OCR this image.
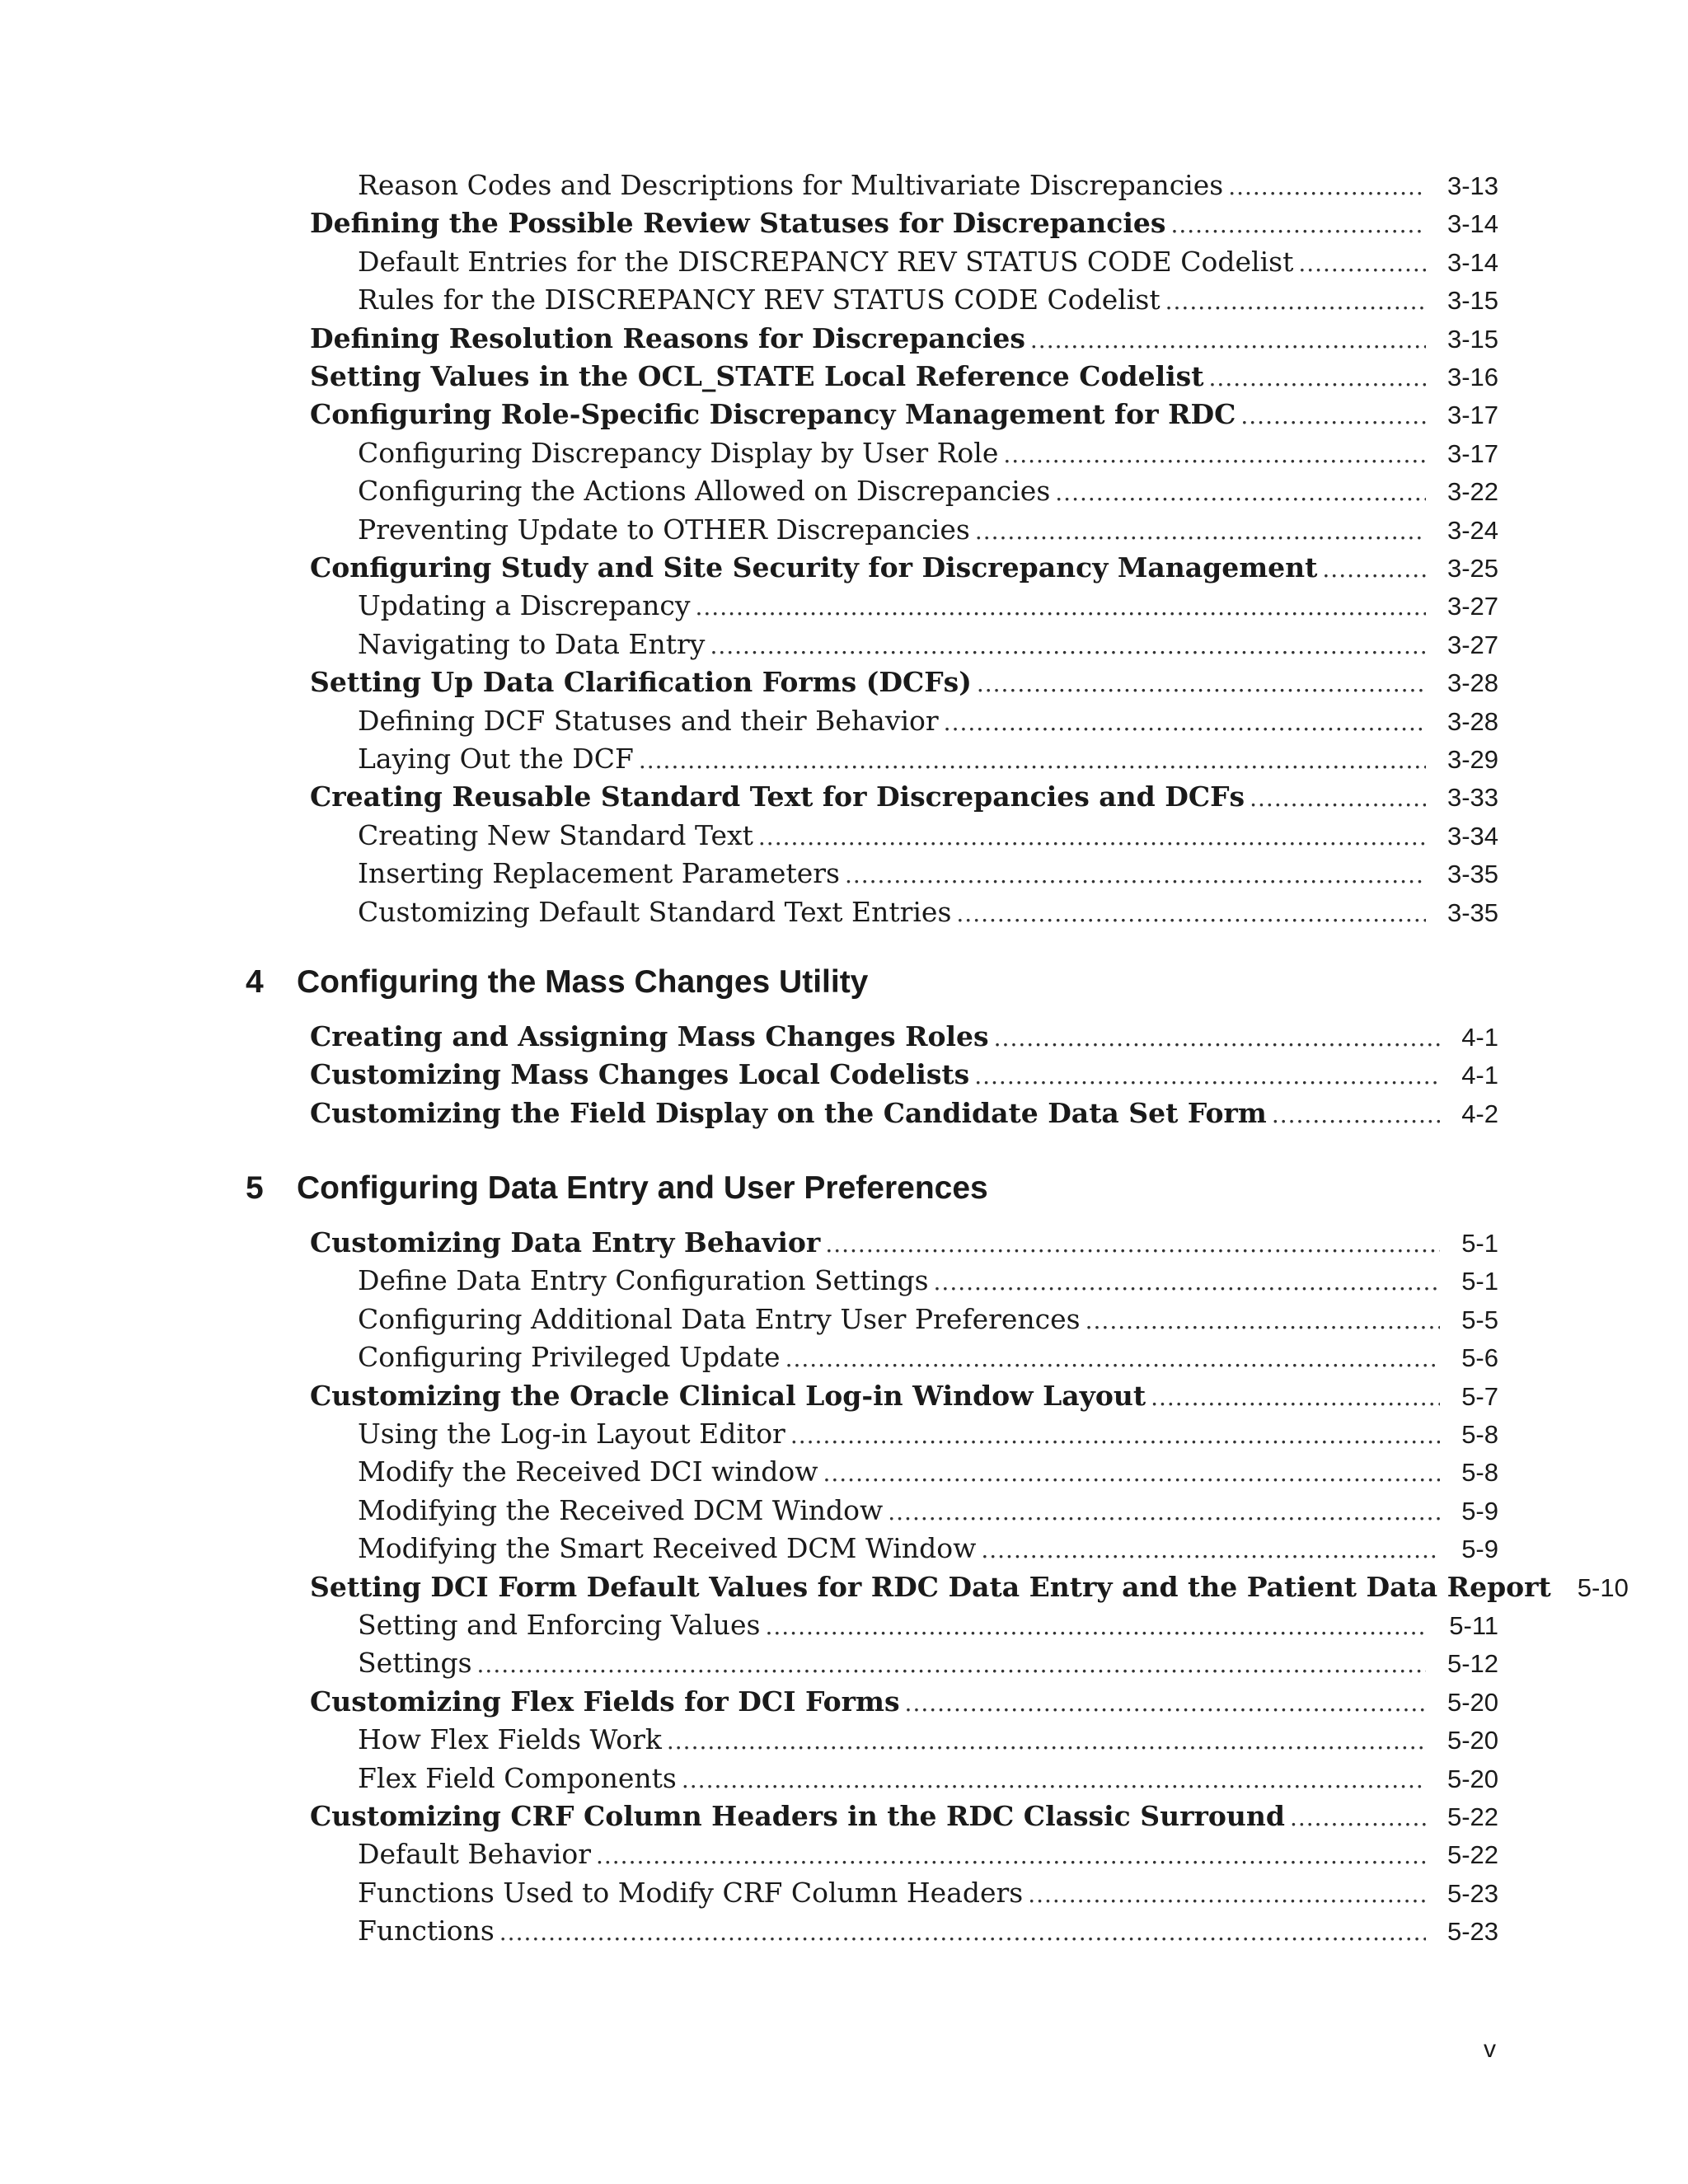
Reason Codes and Descriptions for Multivariate Discrepancies .....	3-13
Defining the Possible Review Statuses for Discrepancies .....	3-14
Default Entries for the DISCREPANCY REV STATUS CODE Codelist .....	3-14
Rules for the DISCREPANCY REV STATUS CODE Codelist .....	3-15
Defining Resolution Reasons for Discrepancies .....	3-15
Setting Values in the OCL_STATE Local Reference Codelist .....	3-16
Configuring Role-Specific Discrepancy Management for RDC .....	3-17
Configuring Discrepancy Display by User Role .....	3-17
Configuring the Actions Allowed on Discrepancies .....	3-22
Preventing Update to OTHER Discrepancies .....	3-24
Configuring Study and Site Security for Discrepancy Management .....	3-25
Updating a Discrepancy .....	3-27
Navigating to Data Entry .....	3-27
Setting Up Data Clarification Forms (DCFs) .....	3-28
Defining DCF Statuses and their Behavior .....	3-28
Laying Out the DCF .....	3-29
Creating Reusable Standard Text for Discrepancies and DCFs .....	3-33
Creating New Standard Text .....	3-34
Inserting Replacement Parameters .....	3-35
Customizing Default Standard Text Entries .....	3-35
4	Configuring the Mass Changes Utility
Creating and Assigning Mass Changes Roles .....	4-1
Customizing Mass Changes Local Codelists .....	4-1
Customizing the Field Display on the Candidate Data Set Form .....	4-2
5	Configuring Data Entry and User Preferences
Customizing Data Entry Behavior .....	5-1
Define Data Entry Configuration Settings .....	5-1
Configuring Additional Data Entry User Preferences .....	5-5
Configuring Privileged Update .....	5-6
Customizing the Oracle Clinical Log-in Window Layout .....	5-7
Using the Log-in Layout Editor .....	5-8
Modify the Received DCI window .....	5-8
Modifying the Received DCM Window .....	5-9
Modifying the Smart Received DCM Window .....	5-9
Setting DCI Form Default Values for RDC Data Entry and the Patient Data Report	5-10
Setting and Enforcing Values .....	5-11
Settings .....	5-12
Customizing Flex Fields for DCI Forms .....	5-20
How Flex Fields Work .....	5-20
Flex Field Components .....	5-20
Customizing CRF Column Headers in the RDC Classic Surround .....	5-22
Default Behavior .....	5-22
Functions Used to Modify CRF Column Headers .....	5-23
Functions .....	5-23
v
